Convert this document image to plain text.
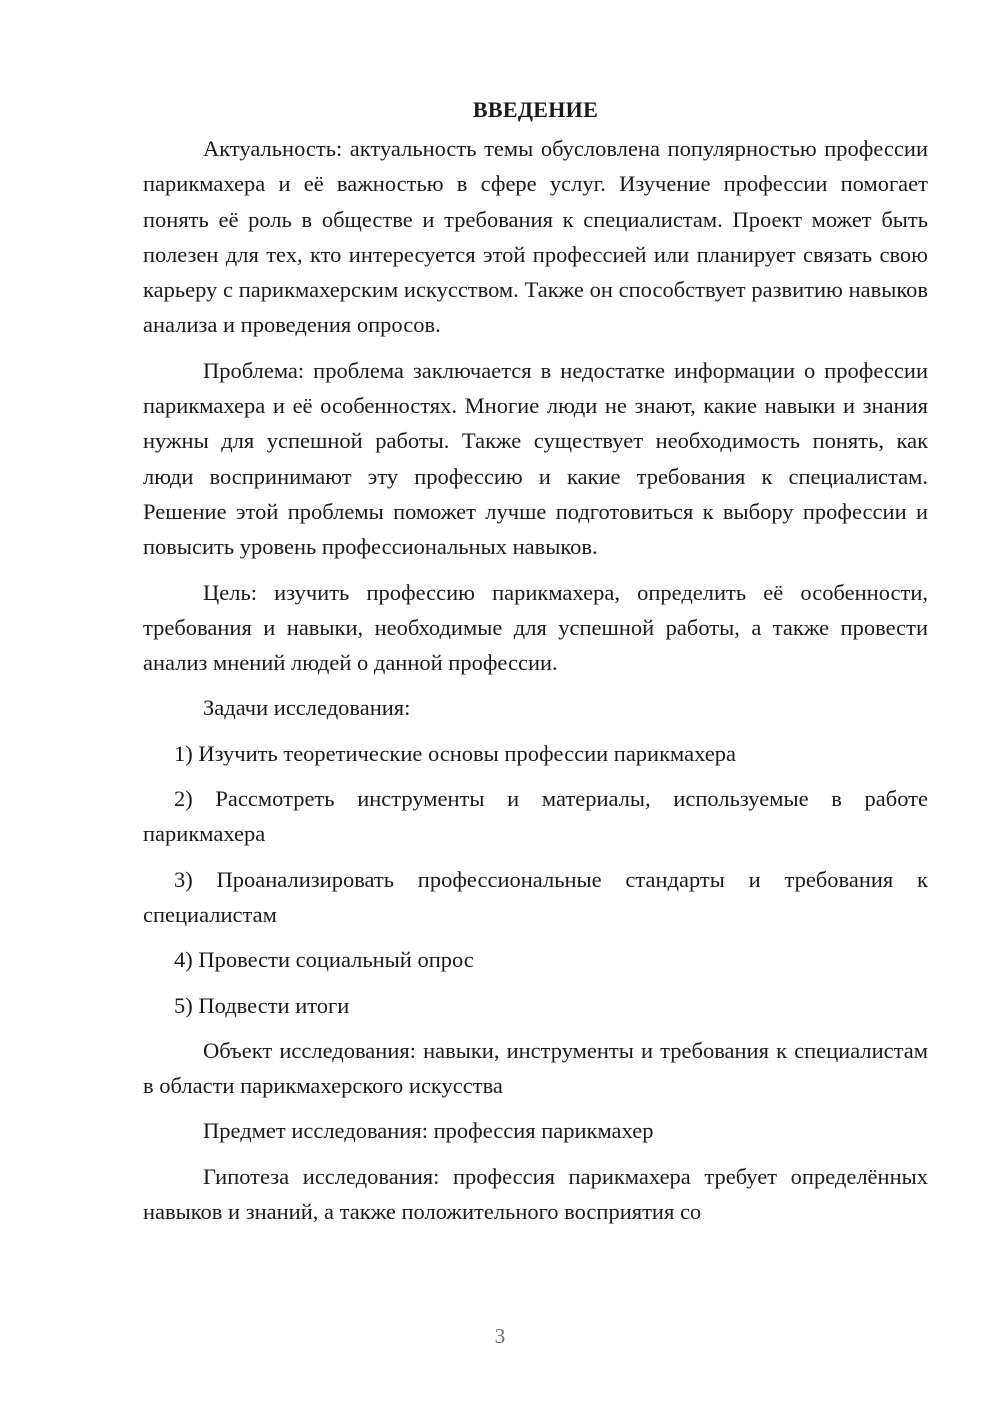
ВВЕДЕНИЕ

Актуальность: актуальность темы обусловлена популярностью профессии парикмахера и её важностью в сфере услуг. Изучение профессии помогает понять её роль в обществе и требования к специалистам. Проект может быть полезен для тех, кто интересуется этой профессией или планирует связать свою карьеру с парикмахерским искусством. Также он способствует развитию навыков анализа и проведения опросов.

Проблема: проблема заключается в недостатке информации о профессии парикмахера и её особенностях. Многие люди не знают, какие навыки и знания нужны для успешной работы. Также существует необходимость понять, как люди воспринимают эту профессию и какие требования к специалистам. Решение этой проблемы поможет лучше подготовиться к выбору профессии и повысить уровень профессиональных навыков.

Цель: изучить профессию парикмахера, определить её особенности, требования и навыки, необходимые для успешной работы, а также провести анализ мнений людей о данной профессии.

Задачи исследования:

1) Изучить теоретические основы профессии парикмахера

2) Рассмотреть инструменты и материалы, используемые в работе парикмахера

3) Проанализировать профессиональные стандарты и требования к специалистам

4) Провести социальный опрос

5) Подвести итоги

Объект исследования: навыки, инструменты и требования к специалистам в области парикмахерского искусства

Предмет исследования: профессия парикмахер

Гипотеза исследования: профессия парикмахера требует определённых навыков и знаний, а также положительного восприятия со

3
